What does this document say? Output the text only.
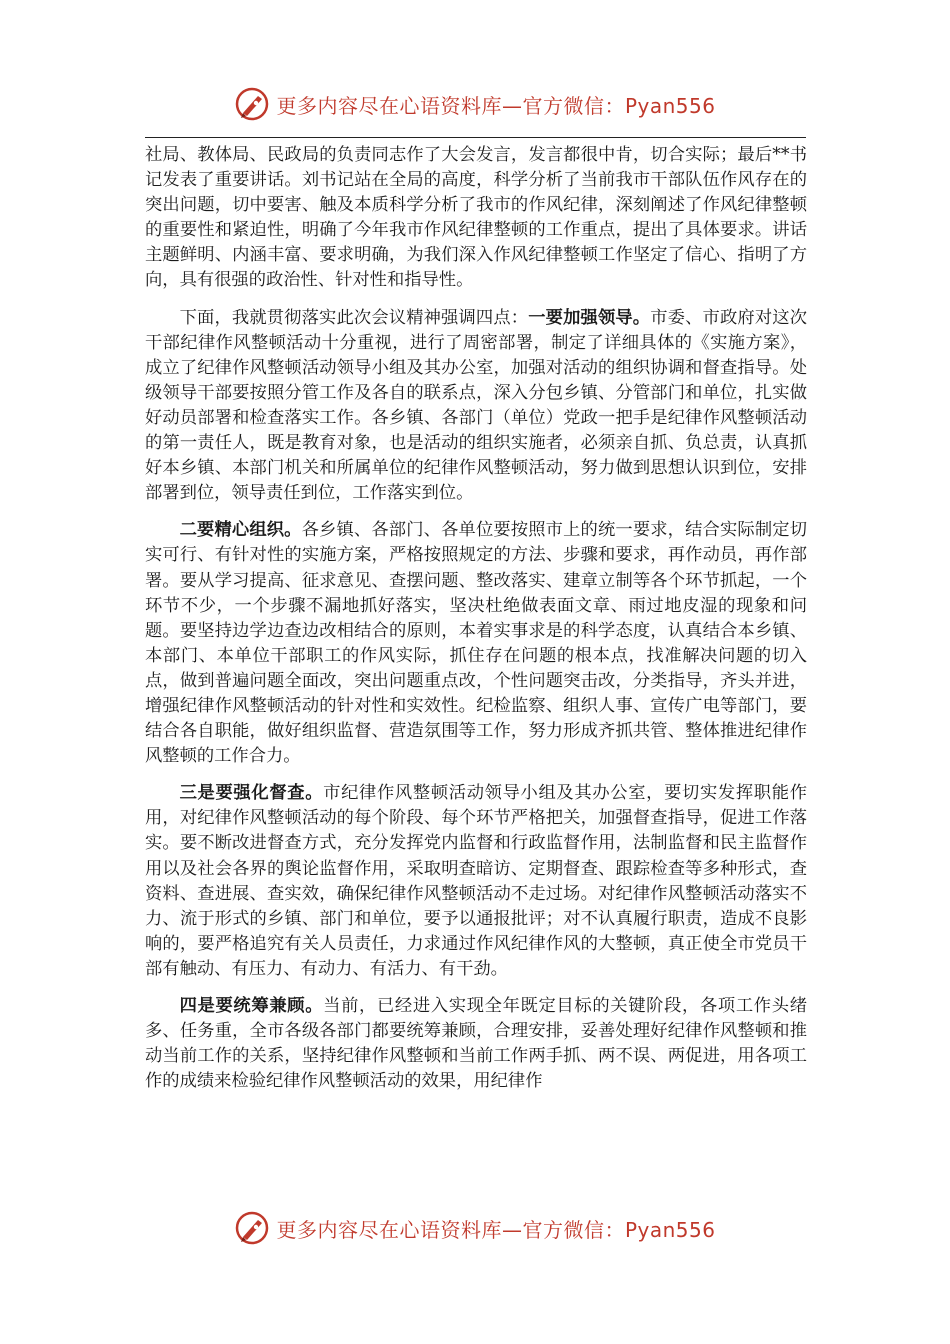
更多内容尽在心语资料库—官方微信：Pyan556

社局、教体局、民政局的负责同志作了大会发言，发言都很中肯，切合实际；最后**书记发表了重要讲话。刘书记站在全局的高度，科学分析了当前我市干部队伍作风存在的突出问题，切中要害、触及本质科学分析了我市的作风纪律，深刻阐述了作风纪律整顿的重要性和紧迫性，明确了今年我市作风纪律整顿的工作重点，提出了具体要求。讲话主题鲜明、内涵丰富、要求明确，为我们深入作风纪律整顿工作坚定了信心、指明了方向，具有很强的政治性、针对性和指导性。

下面，我就贯彻落实此次会议精神强调四点：一要加强领导。市委、市政府对这次干部纪律作风整顿活动十分重视，进行了周密部署，制定了详细具体的《实施方案》，成立了纪律作风整顿活动领导小组及其办公室，加强对活动的组织协调和督查指导。处级领导干部要按照分管工作及各自的联系点，深入分包乡镇、分管部门和单位，扎实做好动员部署和检查落实工作。各乡镇、各部门（单位）党政一把手是纪律作风整顿活动的第一责任人，既是教育对象，也是活动的组织实施者，必须亲自抓、负总责，认真抓好本乡镇、本部门机关和所属单位的纪律作风整顿活动，努力做到思想认识到位，安排部署到位，领导责任到位，工作落实到位。

二要精心组织。各乡镇、各部门、各单位要按照市上的统一要求，结合实际制定切实可行、有针对性的实施方案，严格按照规定的方法、步骤和要求，再作动员，再作部署。要从学习提高、征求意见、查摆问题、整改落实、建章立制等各个环节抓起，一个环节不少，一个步骤不漏地抓好落实，坚决杜绝做表面文章、雨过地皮湿的现象和问题。要坚持边学边查边改相结合的原则，本着实事求是的科学态度，认真结合本乡镇、本部门、本单位干部职工的作风实际，抓住存在问题的根本点，找准解决问题的切入点，做到普遍问题全面改，突出问题重点改，个性问题突击改，分类指导，齐头并进，增强纪律作风整顿活动的针对性和实效性。纪检监察、组织人事、宣传广电等部门，要结合各自职能，做好组织监督、营造氛围等工作，努力形成齐抓共管、整体推进纪律作风整顿的工作合力。

三是要强化督查。市纪律作风整顿活动领导小组及其办公室，要切实发挥职能作用，对纪律作风整顿活动的每个阶段、每个环节严格把关，加强督查指导，促进工作落实。要不断改进督查方式，充分发挥党内监督和行政监督作用，法制监督和民主监督作用以及社会各界的舆论监督作用，采取明查暗访、定期督查、跟踪检查等多种形式，查资料、查进展、查实效，确保纪律作风整顿活动不走过场。对纪律作风整顿活动落实不力、流于形式的乡镇、部门和单位，要予以通报批评；对不认真履行职责，造成不良影响的，要严格追究有关人员责任，力求通过作风纪律作风的大整顿，真正使全市党员干部有触动、有压力、有动力、有活力、有干劲。

四是要统筹兼顾。当前，已经进入实现全年既定目标的关键阶段，各项工作头绪多、任务重，全市各级各部门都要统筹兼顾，合理安排，妥善处理好纪律作风整顿和推动当前工作的关系，坚持纪律作风整顿和当前工作两手抓、两不误、两促进，用各项工作的成绩来检验纪律作风整顿活动的效果，用纪律作

更多内容尽在心语资料库—官方微信：Pyan556
